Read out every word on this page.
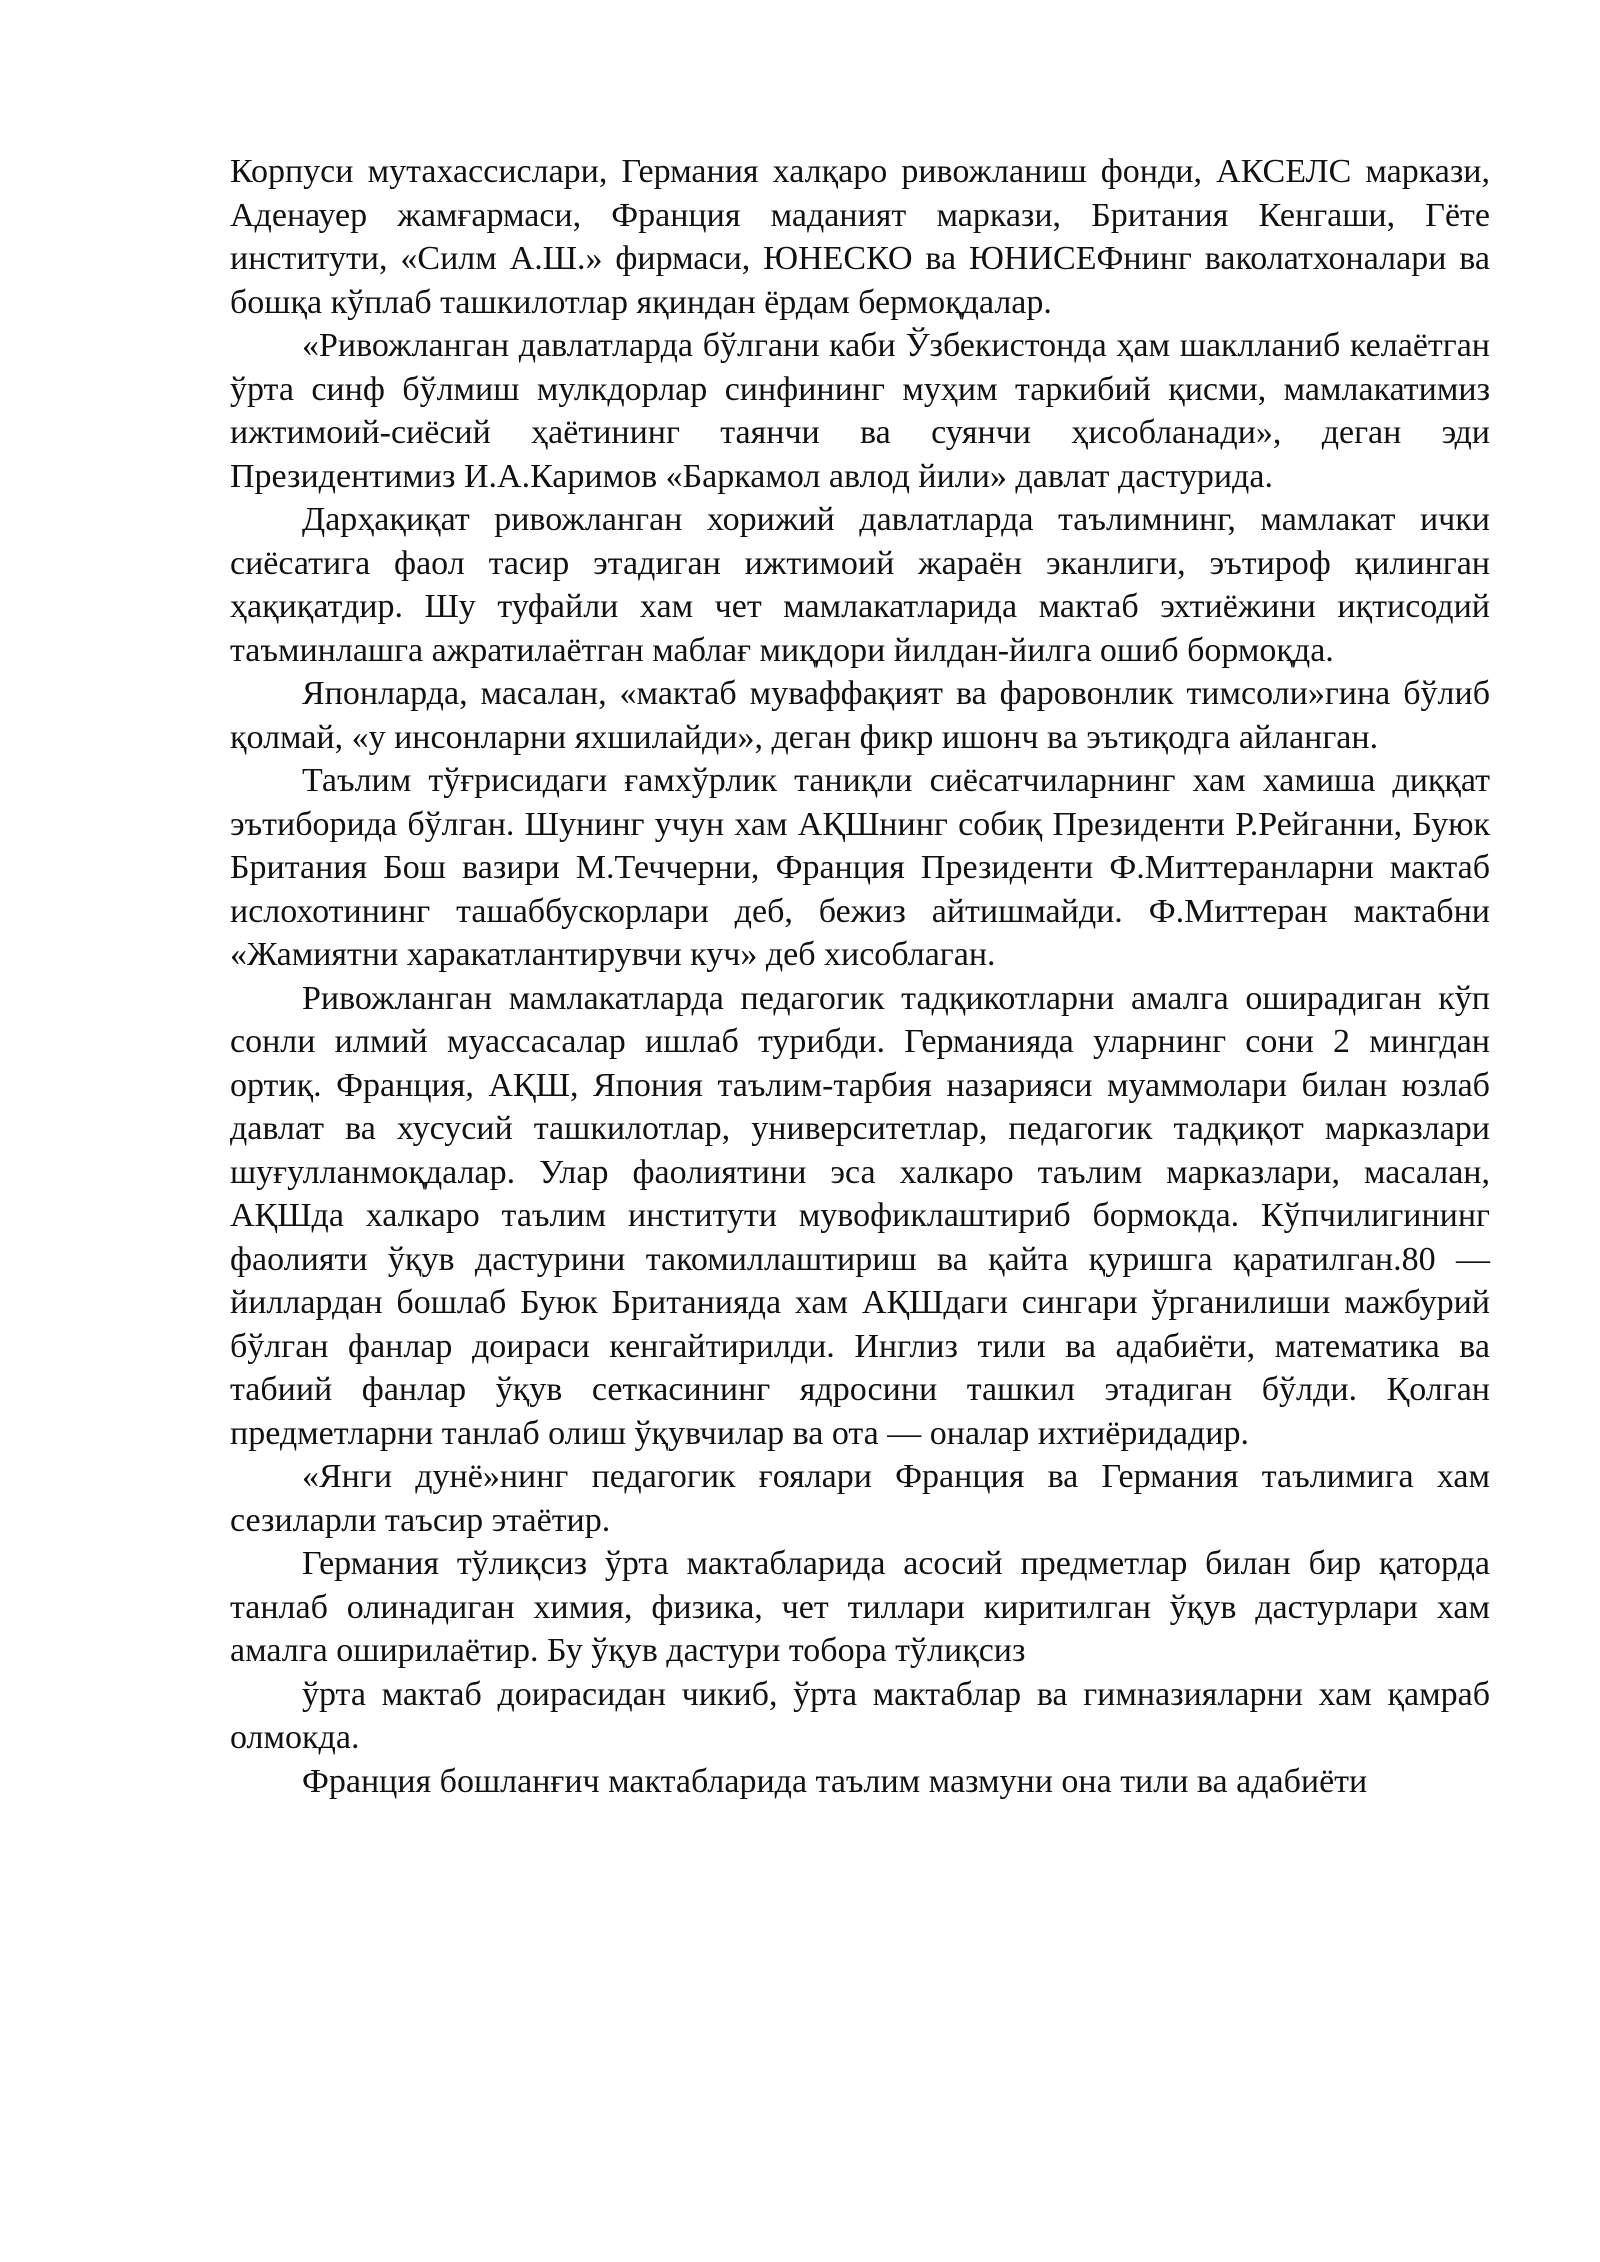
Корпуси мутахассислари, Германия халқаро ривожланиш фонди, АКСЕЛС маркази, Аденауер жамғармаси, Франция маданият маркази, Британия Кенгаши, Гёте институти, «Силм А.Ш.» фирмаси, ЮНЕСКО ва ЮНИСЕФнинг ваколатхоналари ва бошқа кўплаб ташкилотлар яқиндан ёрдам бермоқдалар.

«Ривожланган давлатларда бўлгани каби Ўзбекистонда ҳам шаклланиб келаётган ўрта синф бўлмиш мулкдорлар синфининг муҳим таркибий қисми, мамлакатимиз ижтимоий-сиёсий ҳаётининг таянчи ва суянчи ҳисобланади», деган эди Президентимиз И.А.Каримов «Баркамол авлод йили» давлат дастурида.

Дарҳақиқат ривожланган хорижий давлатларда таълимнинг, мамлакат ички сиёсатига фаол тасир этадиган ижтимоий жараён эканлиги, эътироф қилинган ҳақиқатдир. Шу туфайли хам чет мамлакатларида мактаб эхтиёжини иқтисодий таъминлашга ажратилаётган маблағ миқдори йилдан-йилга ошиб бормоқда.

Японларда, масалан, «мактаб муваффақият ва фаровонлик тимсоли»гина бўлиб қолмай, «у инсонларни яхшилайди», деган фикр ишонч ва эътиқодга айланган.

Таълим тўғрисидаги ғамхўрлик таниқли сиёсатчиларнинг хам хамиша диққат эътиборида бўлган. Шунинг учун хам АҚШнинг собиқ Президенти Р.Рейганни, Буюк Британия Бош вазири М.Теччерни, Франция Президенти Ф.Миттеранларни мактаб ислохотининг ташаббускорлари деб, бежиз айтишмайди. Ф.Миттеран мактабни «Жамиятни харакатлантирувчи куч» деб хисоблаган.

Ривожланган мамлакатларда педагогик тадқикотларни амалга оширадиган кўп сонли илмий муассасалар ишлаб турибди. Германияда уларнинг сони 2 мингдан ортиқ. Франция, АҚШ, Япония таълим-тарбия назарияси муаммолари билан юзлаб давлат ва хусусий ташкилотлар, университетлар, педагогик тадқиқот марказлари шуғулланмоқдалар. Улар фаолиятини эса халкаро таълим марказлари, масалан, АҚШда халкаро таълим институти мувофиклаштириб бормокда. Кўпчилигининг фаолияти ўқув дастурини такомиллаштириш ва қайта қуришга қаратилган.80 — йиллардан бошлаб Буюк Британияда хам АҚШдаги сингари ўрганилиши мажбурий бўлган фанлар доираси кенгайтирилди. Инглиз тили ва адабиёти, математика ва табиий фанлар ўқув сеткасининг ядросини ташкил этадиган бўлди. Қолган предметларни танлаб олиш ўқувчилар ва ота — оналар ихтиёридадир.

«Янги дунё»нинг педагогик ғоялари Франция ва Германия таълимига хам сезиларли таъсир этаётир.

Германия тўлиқсиз ўрта мактабларида асосий предметлар билан бир қаторда танлаб олинадиган химия, физика, чет тиллари киритилган ўқув дастурлари хам амалга оширилаётир. Бу ўқув дастури тобора тўлиқсиз

ўрта мактаб доирасидан чикиб, ўрта мактаблар ва гимназияларни хам қамраб олмокда.

Франция бошланғич мактабларида таълим мазмуни она тили ва адабиёти
